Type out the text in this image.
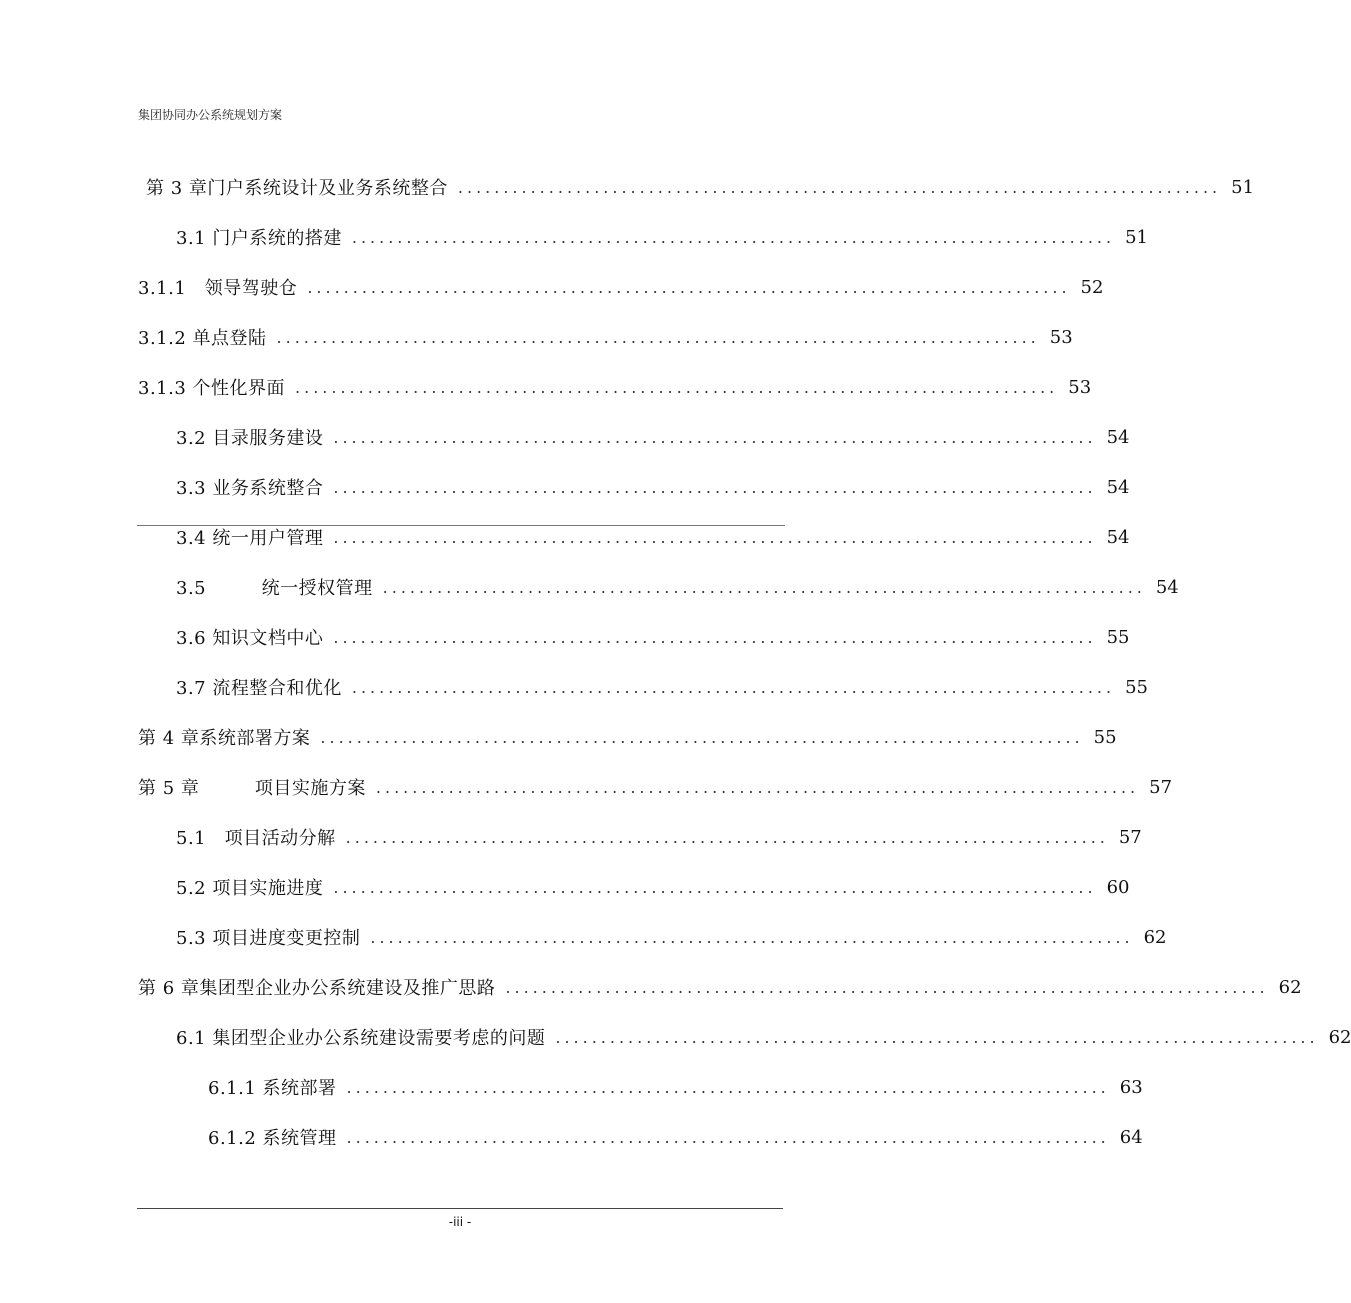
集团协同办公系统规划方案
第 3 章门户系统设计及业务系统整合 .................................................................................... 51
3.1 门户系统的搭建 .................................................................................... 51
3.1.1　领导驾驶仓 .................................................................................... 52
3.1.2 单点登陆 .................................................................................... 53
3.1.3 个性化界面 .................................................................................... 53
3.2 目录服务建设 .................................................................................... 54
3.3 业务系统整合 .................................................................................... 54
3.4 统一用户管理 .................................................................................... 54
3.5　　　统一授权管理 .................................................................................... 54
3.6 知识文档中心 .................................................................................... 55
3.7 流程整合和优化 .................................................................................... 55
第 4 章系统部署方案 .................................................................................... 55
第 5 章　　　项目实施方案 .................................................................................... 57
5.1　项目活动分解 .................................................................................... 57
5.2 项目实施进度 .................................................................................... 60
5.3 项目进度变更控制 .................................................................................... 62
第 6 章集团型企业办公系统建设及推广思路 .................................................................................... 62
6.1 集团型企业办公系统建设需要考虑的问题 .................................................................................... 62
6.1.1 系统部署 .................................................................................... 63
6.1.2 系统管理 .................................................................................... 64
-iii -
